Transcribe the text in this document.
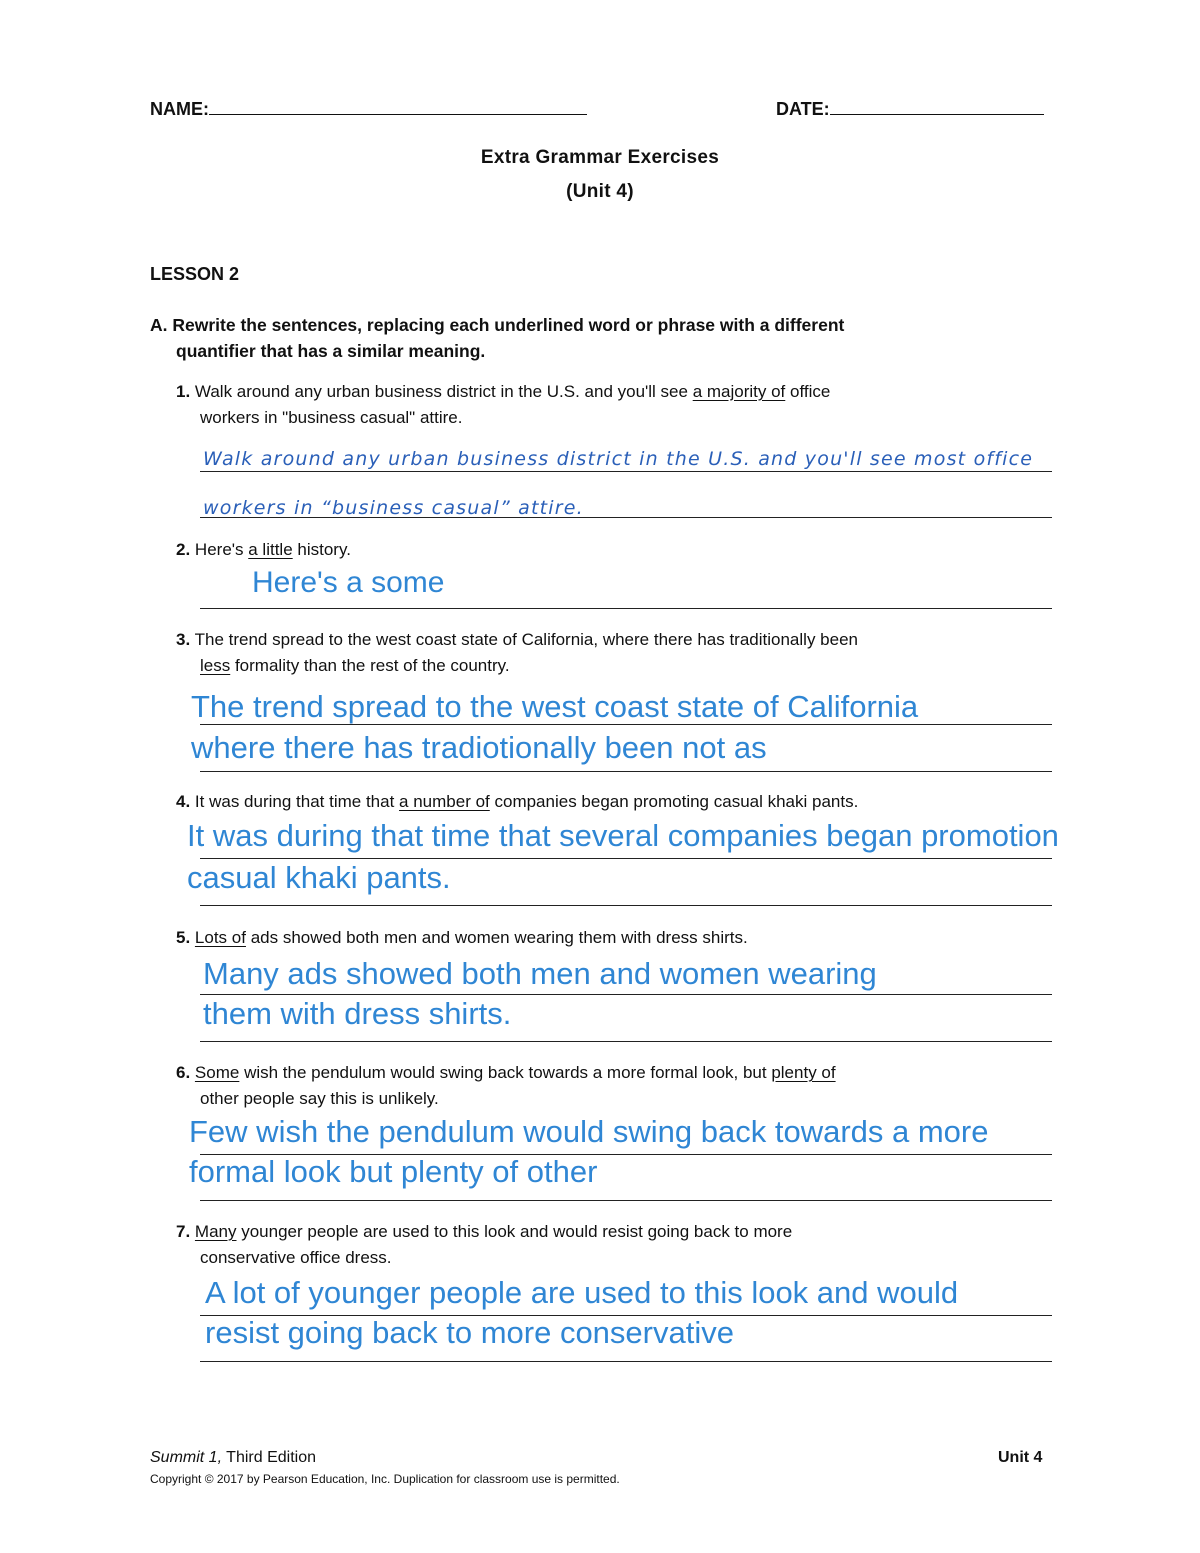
NAME:	DATE:
Extra Grammar Exercises
(Unit 4)
LESSON 2
A. Rewrite the sentences, replacing each underlined word or phrase with a different
quantifier that has a similar meaning.
1. Walk around any urban business district in the U.S. and you'll see a majority of office
workers in "business casual" attire.
Walk around any urban business district in the U.S. and you'll see most office
workers in “business casual” attire.
2. Here's a little history.
Here's a some
3. The trend spread to the west coast state of California, where there has traditionally been
less formality than the rest of the country.
The trend spread to the west coast state of California
where there has tradiotionally been not as
4. It was during that time that a number of companies began promoting casual khaki pants.
It was during that time that several companies began promotion
casual khaki pants.
5. Lots of ads showed both men and women wearing them with dress shirts.
Many ads showed both men and women wearing
them with dress shirts.
6. Some wish the pendulum would swing back towards a more formal look, but plenty of
other people say this is unlikely.
Few wish the pendulum would swing back towards a more
formal look but plenty of other
7. Many younger people are used to this look and would resist going back to more
conservative office dress.
A lot of younger people are used to this look and would
resist going back to more conservative
Summit 1, Third Edition	Unit 4
Copyright © 2017 by Pearson Education, Inc. Duplication for classroom use is permitted.
